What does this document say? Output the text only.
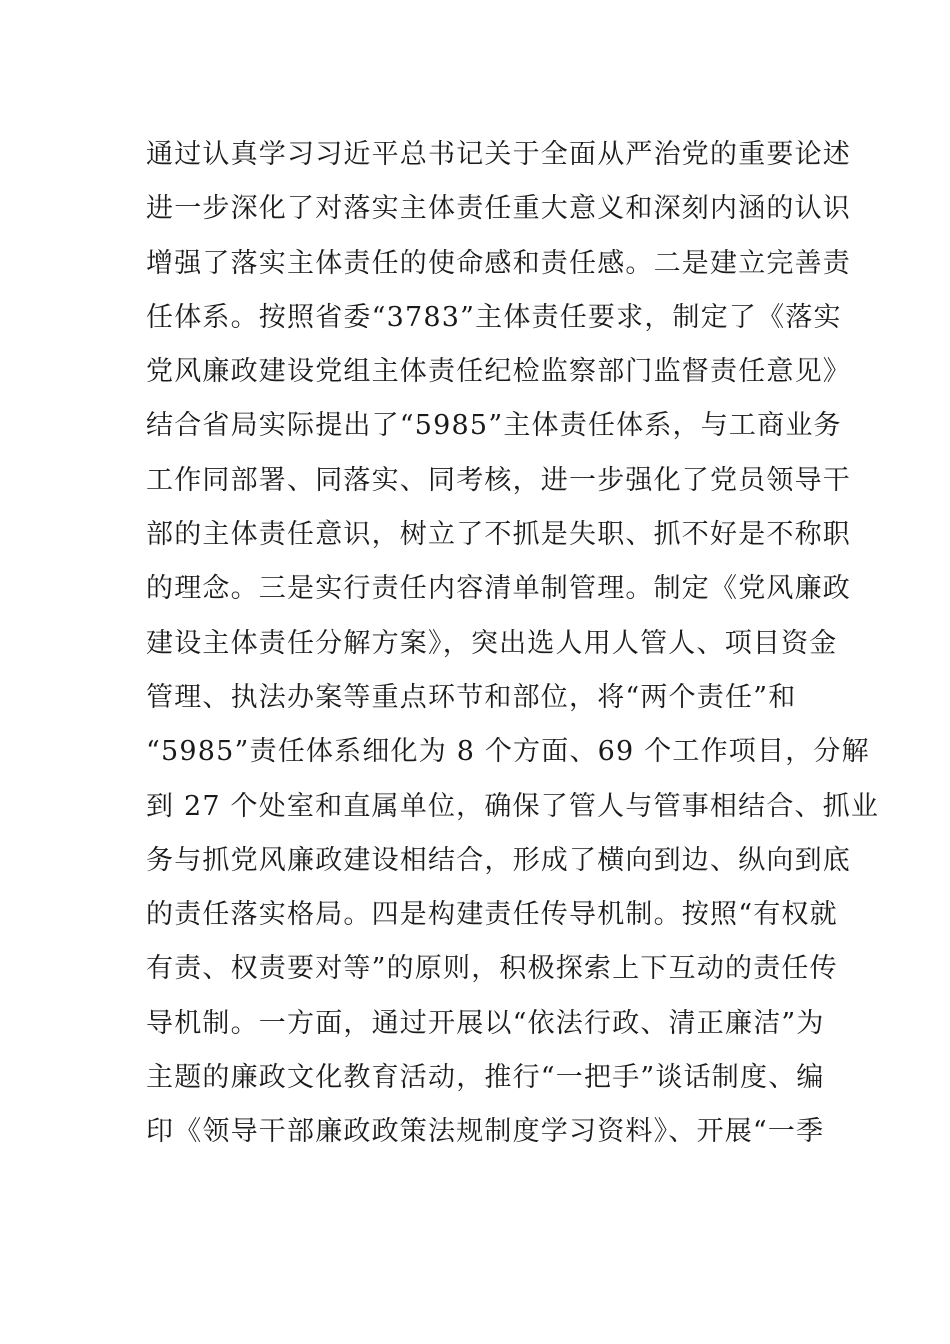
通过认真学习习近平总书记关于全面从严治党的重要论述
进一步深化了对落实主体责任重大意义和深刻内涵的认识
增强了落实主体责任的使命感和责任感。二是建立完善责
任体系。按照省委“3783”主体责任要求，制定了《落实
党风廉政建设党组主体责任纪检监察部门监督责任意见》
结合省局实际提出了“5985”主体责任体系，与工商业务
工作同部署、同落实、同考核，进一步强化了党员领导干
部的主体责任意识，树立了不抓是失职、抓不好是不称职
的理念。三是实行责任内容清单制管理。制定《党风廉政
建设主体责任分解方案》，突出选人用人管人、项目资金
管理、执法办案等重点环节和部位，将“两个责任”和
“5985”责任体系细化为 8 个方面、69 个工作项目，分解
到 27 个处室和直属单位，确保了管人与管事相结合、抓业
务与抓党风廉政建设相结合，形成了横向到边、纵向到底
的责任落实格局。四是构建责任传导机制。按照“有权就
有责、权责要对等”的原则，积极探索上下互动的责任传
导机制。一方面，通过开展以“依法行政、清正廉洁”为
主题的廉政文化教育活动，推行“一把手”谈话制度、编
印《领导干部廉政政策法规制度学习资料》、开展“一季
